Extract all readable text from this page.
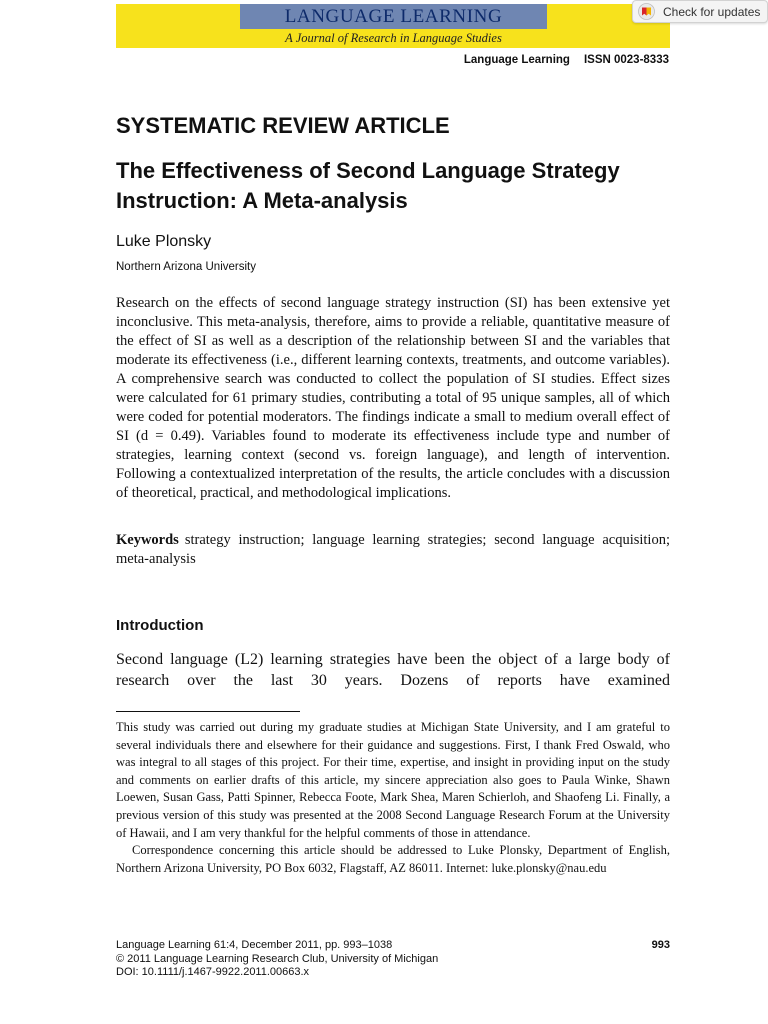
LANGUAGE LEARNING
A Journal of Research in Language Studies
Check for updates
Language Learning ISSN 0023-8333
SYSTEMATIC REVIEW ARTICLE
The Effectiveness of Second Language Strategy Instruction: A Meta-analysis
Luke Plonsky
Northern Arizona University

Research on the effects of second language strategy instruction (SI) has been extensive yet inconclusive. This meta-analysis, therefore, aims to provide a reliable, quantitative measure of the effect of SI as well as a description of the relationship between SI and the variables that moderate its effectiveness (i.e., different learning contexts, treatments, and outcome variables). A comprehensive search was conducted to collect the population of SI studies. Effect sizes were calculated for 61 primary studies, contributing a total of 95 unique samples, all of which were coded for potential moderators. The findings indicate a small to medium overall effect of SI (d = 0.49). Variables found to moderate its effectiveness include type and number of strategies, learning context (second vs. foreign language), and length of intervention. Following a contextualized interpretation of the results, the article concludes with a discussion of theoretical, practical, and methodological implications.

Keywords strategy instruction; language learning strategies; second language acquisition; meta-analysis

Introduction

Second language (L2) learning strategies have been the object of a large body of research over the last 30 years. Dozens of reports have examined

This study was carried out during my graduate studies at Michigan State University, and I am grateful to several individuals there and elsewhere for their guidance and suggestions. First, I thank Fred Oswald, who was integral to all stages of this project. For their time, expertise, and insight in providing input on the study and comments on earlier drafts of this article, my sincere appreciation also goes to Paula Winke, Shawn Loewen, Susan Gass, Patti Spinner, Rebecca Foote, Mark Shea, Maren Schierloh, and Shaofeng Li. Finally, a previous version of this study was presented at the 2008 Second Language Research Forum at the University of Hawaii, and I am very thankful for the helpful comments of those in attendance.

Correspondence concerning this article should be addressed to Luke Plonsky, Department of English, Northern Arizona University, PO Box 6032, Flagstaff, AZ 86011. Internet: luke.plonsky@nau.edu

Language Learning 61:4, December 2011, pp. 993–1038
© 2011 Language Learning Research Club, University of Michigan
DOI: 10.1111/j.1467-9922.2011.00663.x
993
